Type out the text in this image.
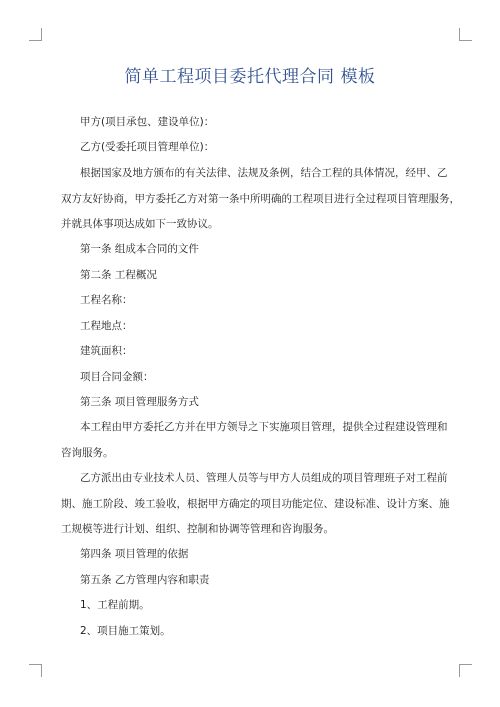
简单工程项目委托代理合同 模板
甲方(项目承包、建设单位)：
乙方(受委托项目管理单位)：
根据国家及地方颁布的有关法律、法规及条例，结合工程的具体情况，经甲、乙
双方友好协商，甲方委托乙方对第一条中所明确的工程项目进行全过程项目管理服务，
并就具体事项达成如下一致协议。
第一条 组成本合同的文件
第二条 工程概况
工程名称：
工程地点：
建筑面积：
项目合同金额：
第三条 项目管理服务方式
本工程由甲方委托乙方并在甲方领导之下实施项目管理，提供全过程建设管理和
咨询服务。
乙方派出由专业技术人员、管理人员等与甲方人员组成的项目管理班子对工程前
期、施工阶段、竣工验收，根据甲方确定的项目功能定位、建设标准、设计方案、施
工规模等进行计划、组织、控制和协调等管理和咨询服务。
第四条 项目管理的依据
第五条 乙方管理内容和职责
1、工程前期。
2、项目施工策划。
